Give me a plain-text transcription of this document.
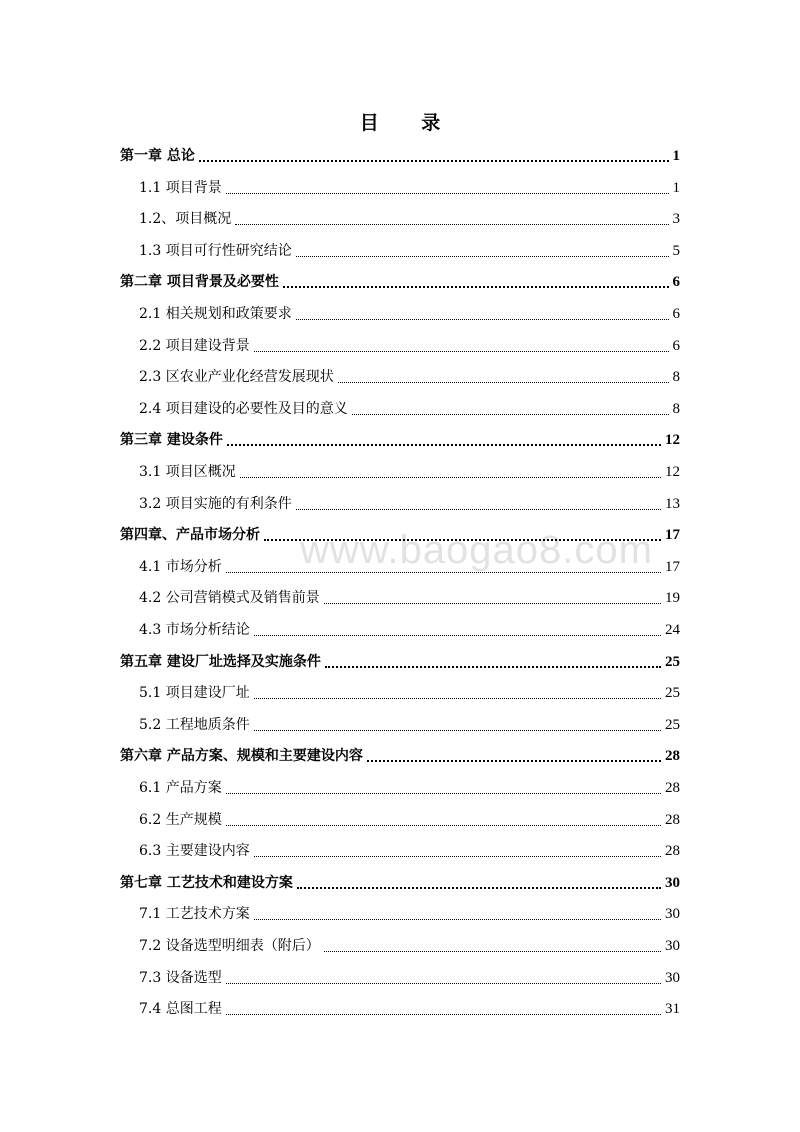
目 录
www.baogao8.com
第一章 总论	1
1.1 项目背景	1
1.2、项目概况	3
1.3 项目可行性研究结论	5
第二章 项目背景及必要性	6
2.1 相关规划和政策要求	6
2.2 项目建设背景	6
2.3 区农业产业化经营发展现状	8
2.4 项目建设的必要性及目的意义	8
第三章 建设条件	12
3.1 项目区概况	12
3.2 项目实施的有利条件	13
第四章、产品市场分析	17
4.1 市场分析	17
4.2 公司营销模式及销售前景	19
4.3 市场分析结论	24
第五章 建设厂址选择及实施条件	25
5.1 项目建设厂址	25
5.2 工程地质条件	25
第六章 产品方案、规模和主要建设内容	28
6.1 产品方案	28
6.2 生产规模	28
6.3 主要建设内容	28
第七章 工艺技术和建设方案	30
7.1 工艺技术方案	30
7.2 设备选型明细表（附后）	30
7.3 设备选型	30
7.4 总图工程	31
